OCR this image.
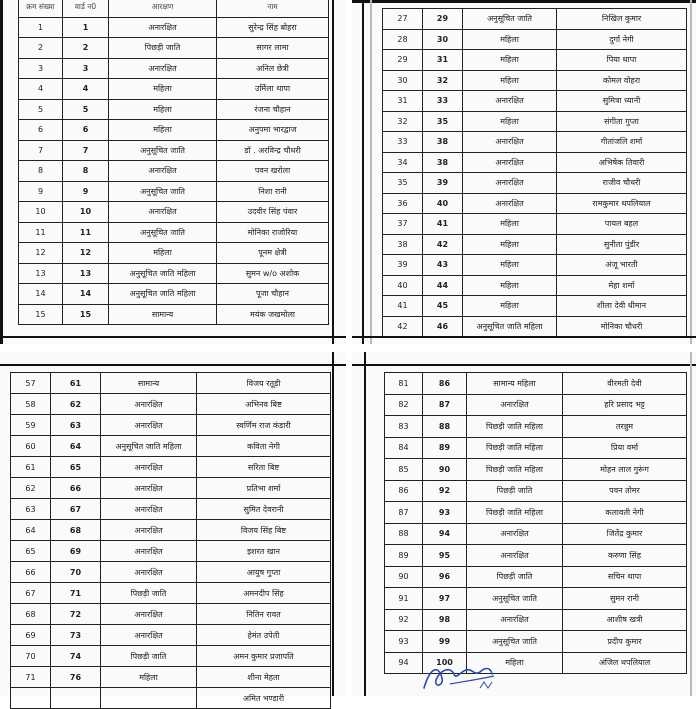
क्रम संख्या	वार्ड न0	आरक्षण	नाम
1	1	अनारक्षित	सुरेन्द्र सिंह बोहरा
2	2	पिछड़ी जाति	सागर लामा
3	3	अनारक्षित	अनिल छेत्री
4	4	महिला	उर्मिला थापा
5	5	महिला	रंजना चौहान
6	6	महिला	अनुपमा भारद्वाज
7	7	अनुसूचित जाति	डॉ . अरविन्द्र चौधरी
8	8	अनारक्षित	पवन खरोला
9	9	अनुसूचित जाति	निशा रानी
10	10	अनारक्षित	उदवीर सिंह पंवार
11	11	अनुसूचित जाति	मोनिका राजोरिया
12	12	महिला	पूनम क्षेत्री
13	13	अनुसूचित जाति महिला	सुमन w/o अशोक
14	14	अनुसूचित जाति महिला	पूजा चौहान
15	15	सामान्य	मयंक जखमोला
27	29	अनुसूचित जाति	निखिल कुमार
28	30	महिला	दुर्गा नेगी
29	31	महिला	पिया थापा
30	32	महिला	कोमल वोहरा
31	33	अनारक्षित	सुमित्रा ध्यानी
32	35	महिला	संगीता गुप्ता
33	38	अनारक्षित	गीतांजलि शर्मा
34	38	अनारक्षित	अभिषेक तिवारी
35	39	अनारक्षित	राजीव चौधरी
36	40	अनारक्षित	रामकुमार थपलियाल
37	41	महिला	पायल बहल
38	42	महिला	सुनीता पुंडीर
39	43	महिला	अंजू भारती
40	44	महिला	मेहा शर्मा
41	45	महिला	शीला देवी धीमान
42	46	अनुसूचित जाति महिला	मोनिका चौधरी
57	61	सामान्य	विजय रतूड़ी
58	62	अनारक्षित	अभिनव बिष्ट
59	63	अनारक्षित	स्वर्णिम राज कंडारी
60	64	अनुसूचित जाति महिला	कविता नेगी
61	65	अनारक्षित	सरिता बिष्ट
62	66	अनारक्षित	प्रतिभा शर्मा
63	67	अनारक्षित	सुमित देवरानी
64	68	अनारक्षित	विजय सिंह बिष्ट
65	69	अनारक्षित	इशरत खान
66	70	अनारक्षित	आयुष गुप्ता
67	71	पिछड़ी जाति	अमनदीप सिंह
68	72	अनारक्षित	नितिन रावत
69	73	अनारक्षित	हेमंत उपेती
70	74	पिछड़ी जाति	अमन कुमार प्रजापति
71	76	महिला	शीना मेहता
			अमित भण्डारी
81	86	सामान्य महिला	वीरमती देवी
82	87	अनारक्षित	हरि प्रसाद भट्ट
83	88	पिछड़ी जाति महिला	तरन्नुम
84	89	पिछड़ी जाति महिला	प्रिया वर्मा
85	90	पिछड़ी जाति महिला	मोहन लाल गुरूंग
86	92	पिछड़ी जाति	पवन तोमर
87	93	पिछड़ी जाति महिला	कलावती नेगी
88	94	अनारक्षित	जितेंद्र कुमार
89	95	अनारक्षित	करुणा सिंह
90	96	पिछड़ी जाति	सचिन थापा
91	97	अनुसूचित जाति	सुमन रानी
92	98	अनारक्षित	आशीष खत्री
93	99	अनुसूचित जाति	प्रदीप कुमार
94	100	महिला	अंजिल थपलियाल
